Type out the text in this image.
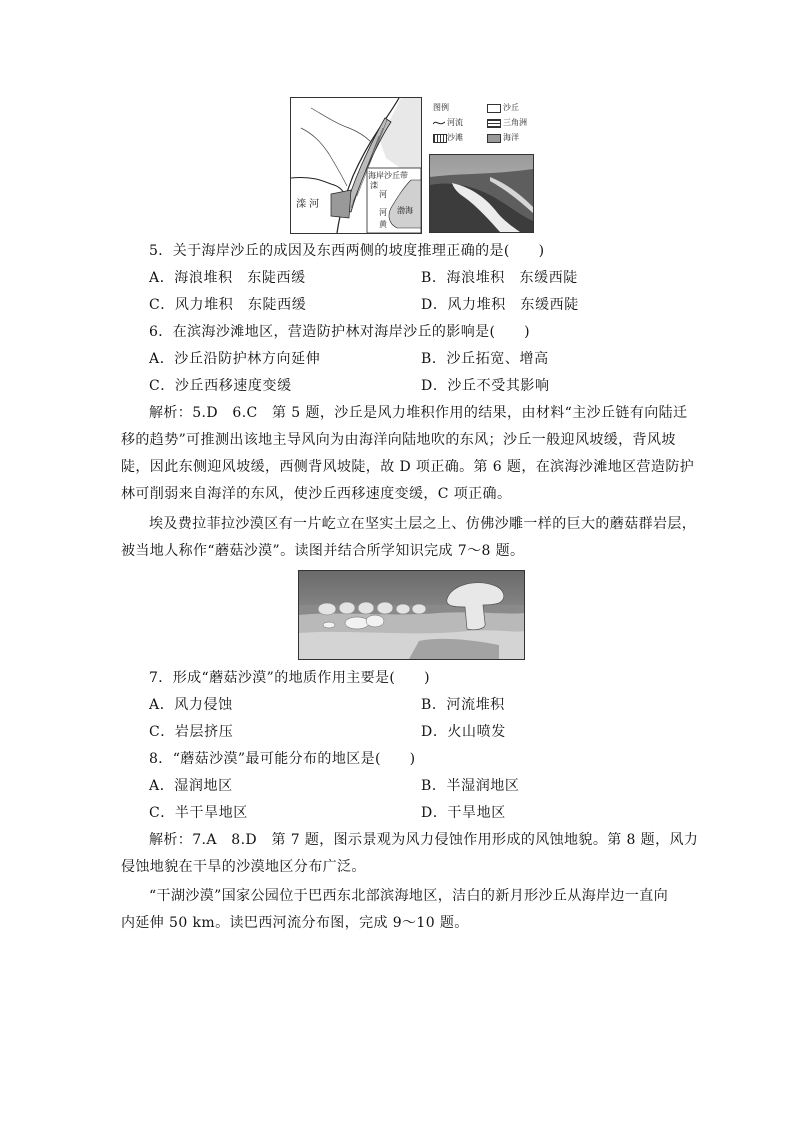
滦 河
海岸沙丘带
滦
河
渤海
河
黄
图例	沙丘
河流	三角洲
沙滩	海洋
5．关于海岸沙丘的成因及东西两侧的坡度推理正确的是(　　)
A．海浪堆积　东陡西缓	B．海浪堆积　东缓西陡
C．风力堆积　东陡西缓	D．风力堆积　东缓西陡
6．在滨海沙滩地区，营造防护林对海岸沙丘的影响是(　　)
A．沙丘沿防护林方向延伸	B．沙丘拓宽、增高
C．沙丘西移速度变缓	D．沙丘不受其影响
解析：5.D　6.C　第 5 题，沙丘是风力堆积作用的结果，由材料“主沙丘链有向陆迁
移的趋势”可推测出该地主导风向为由海洋向陆地吹的东风；沙丘一般迎风坡缓，背风坡
陡，因此东侧迎风坡缓，西侧背风坡陡，故 D 项正确。第 6 题，在滨海沙滩地区营造防护
林可削弱来自海洋的东风，使沙丘西移速度变缓，C 项正确。
埃及费拉菲拉沙漠区有一片屹立在坚实土层之上、仿佛沙雕一样的巨大的蘑菇群岩层，
被当地人称作“蘑菇沙漠”。读图并结合所学知识完成 7～8 题。
7．形成“蘑菇沙漠”的地质作用主要是(　　)
A．风力侵蚀	B．河流堆积
C．岩层挤压	D．火山喷发
8．“蘑菇沙漠”最可能分布的地区是(　　)
A．湿润地区	B．半湿润地区
C．半干旱地区	D．干旱地区
解析：7.A　8.D　第 7 题，图示景观为风力侵蚀作用形成的风蚀地貌。第 8 题，风力
侵蚀地貌在干旱的沙漠地区分布广泛。
“干湖沙漠”国家公园位于巴西东北部滨海地区，洁白的新月形沙丘从海岸边一直向
内延伸 50 km。读巴西河流分布图，完成 9～10 题。
